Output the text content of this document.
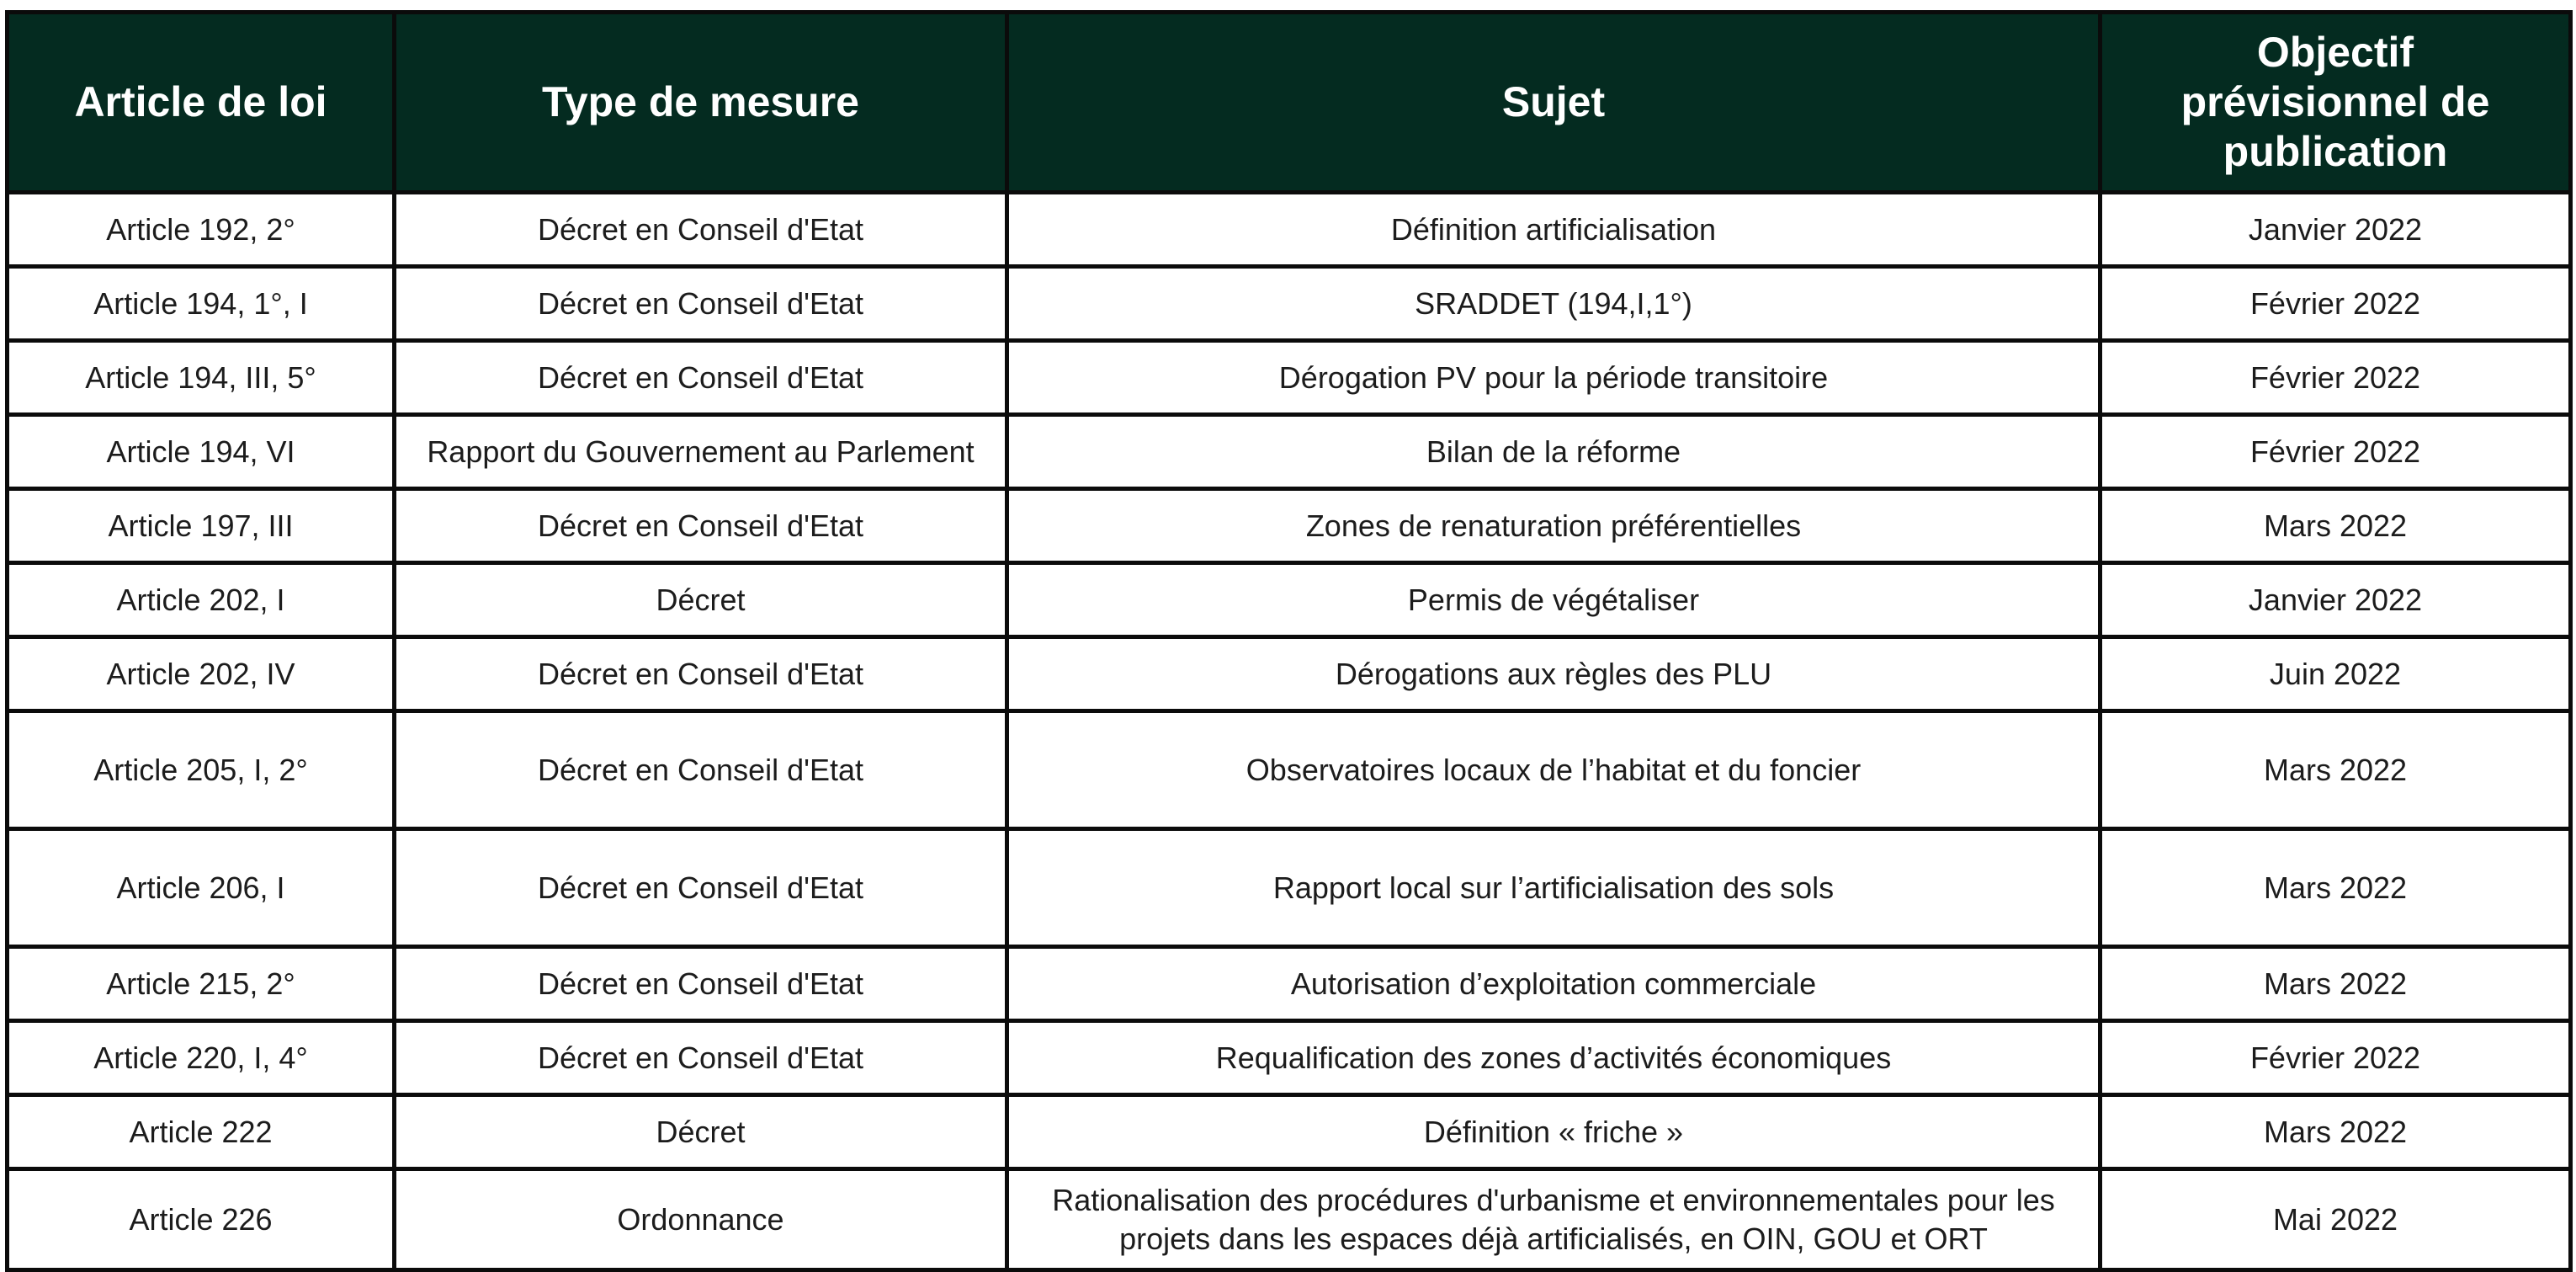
Article de loi	Type de mesure	Sujet	Objectif
prévisionnel de
publication
Article 192, 2°	Décret en Conseil d'Etat	Définition artificialisation	Janvier 2022
Article 194, 1°, I	Décret en Conseil d'Etat	SRADDET (194,I,1°)	Février 2022
Article 194, III, 5°	Décret en Conseil d'Etat	Dérogation PV pour la période transitoire	Février 2022
Article 194, VI	Rapport du Gouvernement au Parlement	Bilan de la réforme	Février 2022
Article 197, III	Décret en Conseil d'Etat	Zones de renaturation préférentielles	Mars 2022
Article 202, I	Décret	Permis de végétaliser	Janvier 2022
Article 202, IV	Décret en Conseil d'Etat	Dérogations aux règles des PLU	Juin 2022
Article 205, I, 2°	Décret en Conseil d'Etat	Observatoires locaux de l’habitat et du foncier	Mars 2022
Article 206, I	Décret en Conseil d'Etat	Rapport local sur l’artificialisation des sols	Mars 2022
Article 215, 2°	Décret en Conseil d'Etat	Autorisation d’exploitation commerciale	Mars 2022
Article 220, I, 4°	Décret en Conseil d'Etat	Requalification des zones d’activités économiques	Février 2022
Article 222	Décret	Définition « friche »	Mars 2022
Article 226	Ordonnance	Rationalisation des procédures d'urbanisme et environnementales pour les projets dans les espaces déjà artificialisés, en OIN, GOU et ORT	Mai 2022
